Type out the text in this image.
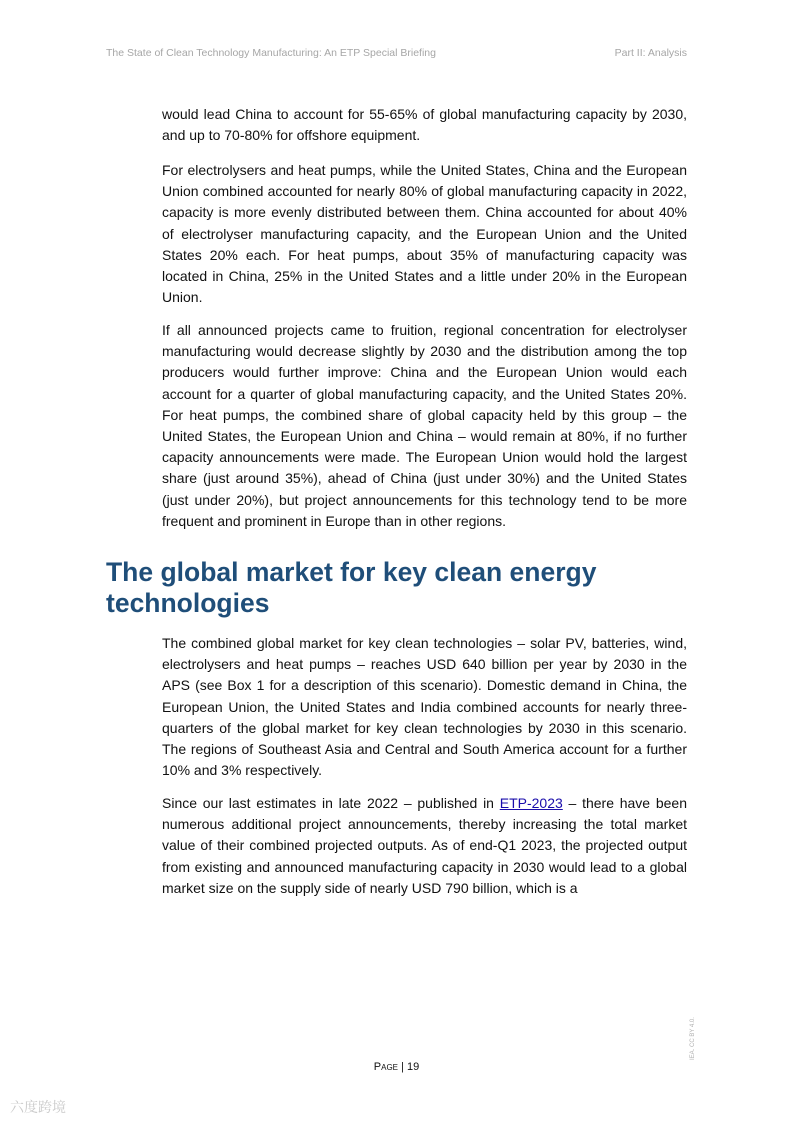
The State of Clean Technology Manufacturing: An ETP Special Briefing	Part II: Analysis

would lead China to account for 55-65% of global manufacturing capacity by 2030, and up to 70-80% for offshore equipment.

For electrolysers and heat pumps, while the United States, China and the European Union combined accounted for nearly 80% of global manufacturing capacity in 2022, capacity is more evenly distributed between them. China accounted for about 40% of electrolyser manufacturing capacity, and the European Union and the United States 20% each. For heat pumps, about 35% of manufacturing capacity was located in China, 25% in the United States and a little under 20% in the European Union.

If all announced projects came to fruition, regional concentration for electrolyser manufacturing would decrease slightly by 2030 and the distribution among the top producers would further improve: China and the European Union would each account for a quarter of global manufacturing capacity, and the United States 20%. For heat pumps, the combined share of global capacity held by this group – the United States, the European Union and China – would remain at 80%, if no further capacity announcements were made. The European Union would hold the largest share (just around 35%), ahead of China (just under 30%) and the United States (just under 20%), but project announcements for this technology tend to be more frequent and prominent in Europe than in other regions.

The global market for key clean energy technologies

The combined global market for key clean technologies – solar PV, batteries, wind, electrolysers and heat pumps – reaches USD 640 billion per year by 2030 in the APS (see Box 1 for a description of this scenario). Domestic demand in China, the European Union, the United States and India combined accounts for nearly three-quarters of the global market for key clean technologies by 2030 in this scenario. The regions of Southeast Asia and Central and South America account for a further 10% and 3% respectively.

Since our last estimates in late 2022 – published in ETP-2023 – there have been numerous additional project announcements, thereby increasing the total market value of their combined projected outputs. As of end-Q1 2023, the projected output from existing and announced manufacturing capacity in 2030 would lead to a global market size on the supply side of nearly USD 790 billion, which is a

Page | 19
IEA. CC BY 4.0.
六度跨境
